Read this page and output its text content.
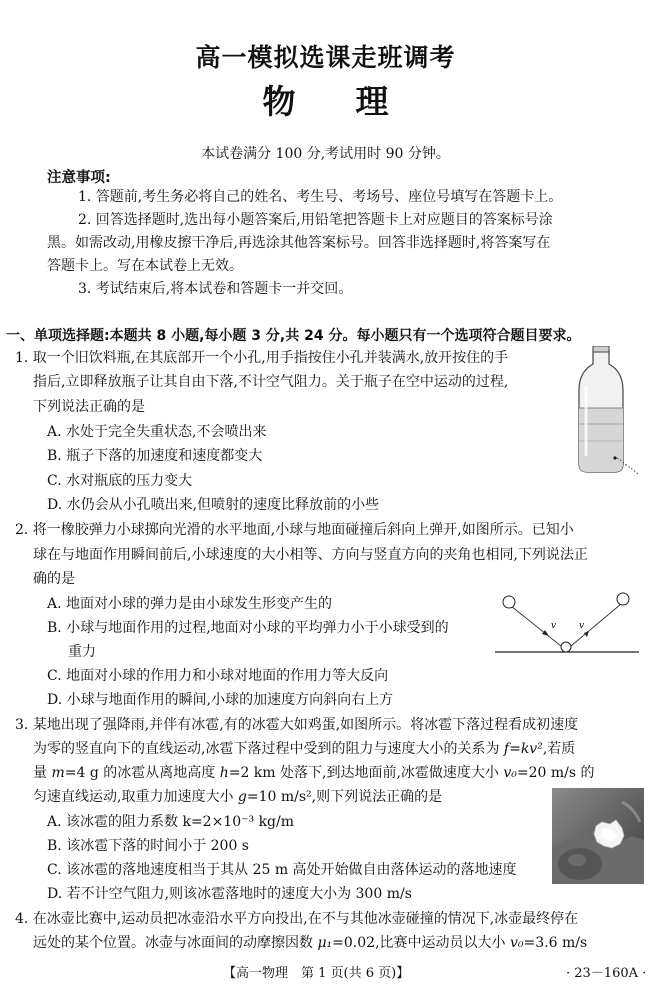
高一模拟选课走班调考
物理
本试卷满分 100 分,考试用时 90 分钟。
注意事项:
1. 答题前,考生务必将自己的姓名、考生号、考场号、座位号填写在答题卡上。
2. 回答选择题时,选出每小题答案后,用铅笔把答题卡上对应题目的答案标号涂
黑。如需改动,用橡皮擦干净后,再选涂其他答案标号。回答非选择题时,将答案写在
答题卡上。写在本试卷上无效。
3. 考试结束后,将本试卷和答题卡一并交回。
一、单项选择题:本题共 8 小题,每小题 3 分,共 24 分。每小题只有一个选项符合题目要求。
1. 取一个旧饮料瓶,在其底部开一个小孔,用手指按住小孔并装满水,放开按住的手
指后,立即释放瓶子让其自由下落,不计空气阻力。关于瓶子在空中运动的过程,
下列说法正确的是
A. 水处于完全失重状态,不会喷出来
B. 瓶子下落的加速度和速度都变大
C. 水对瓶底的压力变大
D. 水仍会从小孔喷出来,但喷射的速度比释放前的小些
2. 将一橡胶弹力小球掷向光滑的水平地面,小球与地面碰撞后斜向上弹开,如图所示。已知小
球在与地面作用瞬间前后,小球速度的大小相等、方向与竖直方向的夹角也相同,下列说法正
确的是
A. 地面对小球的弹力是由小球发生形变产生的
B. 小球与地面作用的过程,地面对小球的平均弹力小于小球受到的
重力
C. 地面对小球的作用力和小球对地面的作用力等大反向
D. 小球与地面作用的瞬间,小球的加速度方向斜向右上方
v	v
3. 某地出现了强降雨,并伴有冰雹,有的冰雹大如鸡蛋,如图所示。将冰雹下落过程看成初速度
为零的竖直向下的直线运动,冰雹下落过程中受到的阻力与速度大小的关系为 f=kv²,若质
量 m=4 g 的冰雹从离地高度 h=2 km 处落下,到达地面前,冰雹做速度大小 v₀=20 m/s 的
匀速直线运动,取重力加速度大小 g=10 m/s²,则下列说法正确的是
A. 该冰雹的阻力系数 k=2×10⁻³ kg/m
B. 该冰雹下落的时间小于 200 s
C. 该冰雹的落地速度相当于其从 25 m 高处开始做自由落体运动的落地速度
D. 若不计空气阻力,则该冰雹落地时的速度大小为 300 m/s
4. 在冰壶比赛中,运动员把冰壶沿水平方向投出,在不与其他冰壶碰撞的情况下,冰壶最终停在
远处的某个位置。冰壶与冰面间的动摩擦因数 μ₁=0.02,比赛中运动员以大小 v₀=3.6 m/s
【高一物理　第 1 页(共 6 页)】	· 23－160A ·
